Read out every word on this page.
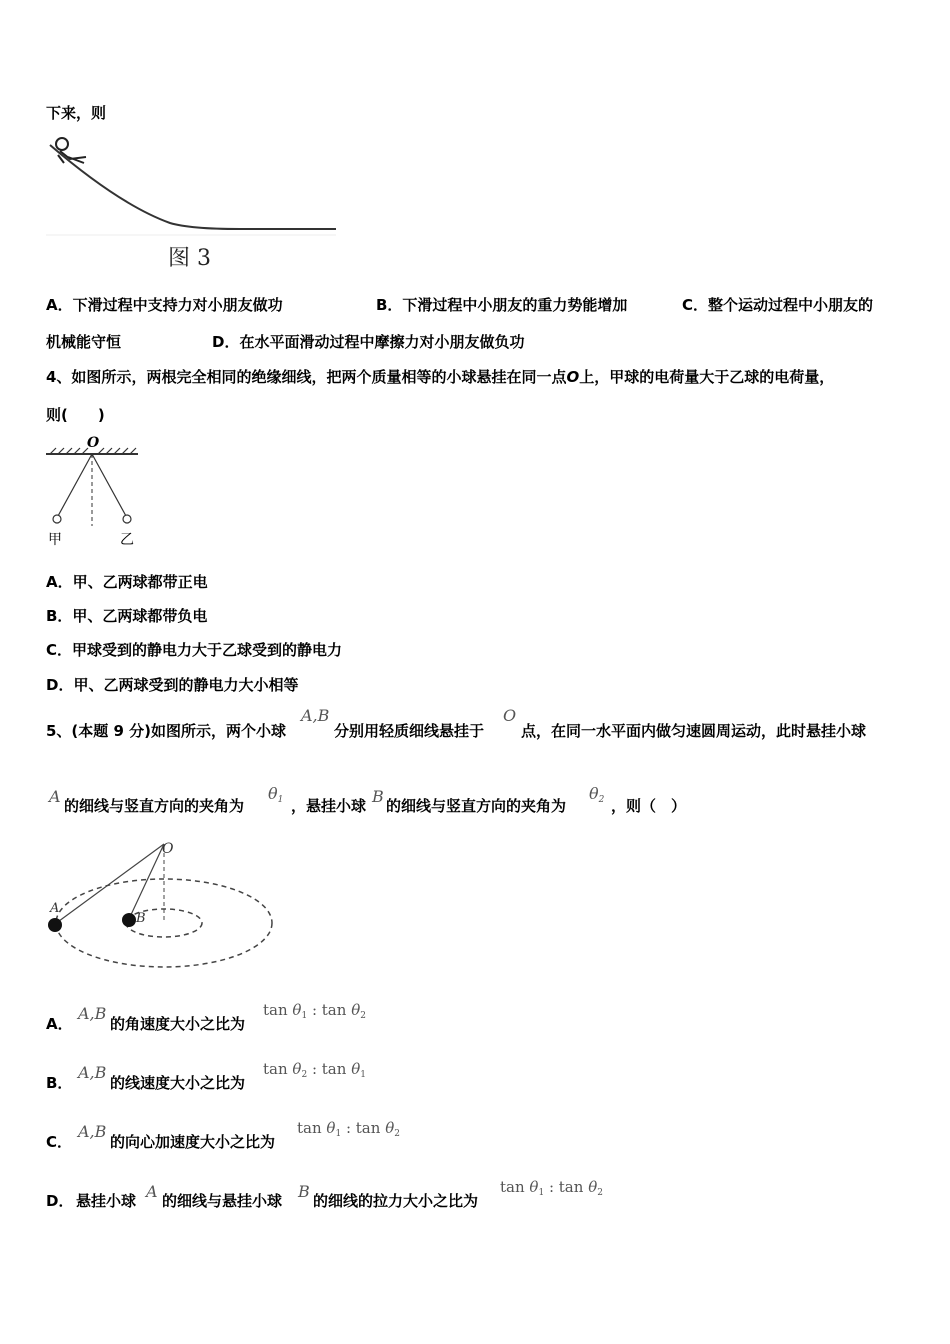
下来，则
图 3
A．下滑过程中支持力对小朋友做功	B．下滑过程中小朋友的重力势能增加	C．整个运动过程中小朋友的
机械能守恒	D．在水平面滑动过程中摩擦力对小朋友做负功
4、如图所示，两根完全相同的绝缘细线，把两个质量相等的小球悬挂在同一点O上，甲球的电荷量大于乙球的电荷量，
则(　　)
O
甲	乙
A．甲、乙两球都带正电
B．甲、乙两球都带负电
C．甲球受到的静电力大于乙球受到的静电力
D．甲、乙两球受到的静电力大小相等
5、(本题 9 分)如图所示，两个小球
A,B
分别用轻质细线悬挂于
O
点，在同一水平面内做匀速圆周运动，此时悬挂小球
A 的细线与竖直方向的夹角为
$\theta_1$ ，悬挂小球 B 的细线与竖直方向的夹角为
$\theta_2$ ，则（　）
O
A
B
A．
A,B
的角速度大小之比为
$\tan \theta_1$ : $\tan \theta_2$
B．
A,B
的线速度大小之比为
$\tan \theta_2$ : $\tan \theta_1$
C．
A,B
的向心加速度大小之比为
$\tan \theta_1$ : $\tan \theta_2$
D． 悬挂小球 A 的细线与悬挂小球 B 的细线的拉力大小之比为
$\tan \theta_1$ : $\tan \theta_2$
